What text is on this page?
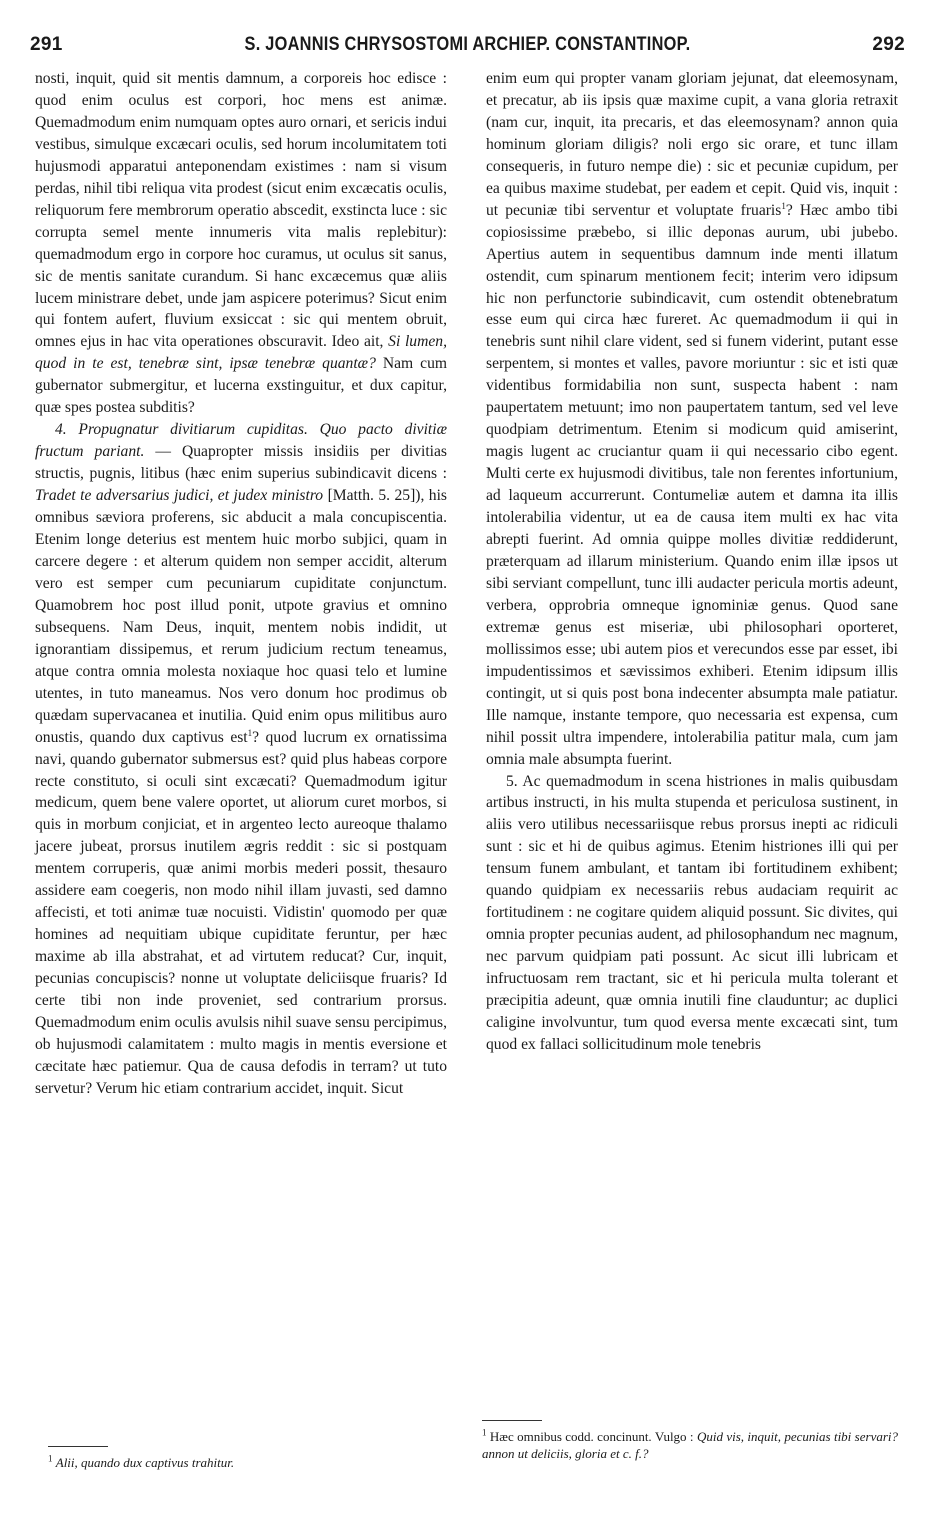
291	S. JOANNIS CHRYSOSTOMI ARCHIEP. CONSTANTINOP.	292

nosti, inquit, quid sit mentis damnum, a corporeis hoc edisce : quod enim oculus est corpori, hoc mens est animæ. Quemadmodum enim numquam optes auro ornari, et sericis indui vestibus, simulque excæcari oculis, sed horum incolumitatem toti hujusmodi apparatui anteponendam existimes : nam si visum perdas, nihil tibi reliqua vita prodest (sicut enim excæcatis oculis, reliquorum fere membrorum operatio abscedit, exstincta luce : sic corrupta semel mente innumeris vita malis replebitur): quemadmodum ergo in corpore hoc curamus, ut oculus sit sanus, sic de mentis sanitate curandum. Si hanc excæcemus quæ aliis lucem ministrare debet, unde jam aspicere poterimus? Sicut enim qui fontem aufert, fluvium exsiccat : sic qui mentem obruit, omnes ejus in hac vita operationes obscuravit. Ideo ait, Si lumen, quod in te est, tenebræ sint, ipsæ tenebræ quantæ? Nam cum gubernator submergitur, et lucerna exstinguitur, et dux capitur, quæ spes postea subditis?

4. Propugnatur divitiarum cupiditas. Quo pacto divitiæ fructum pariant. — Quapropter missis insidiis per divitias structis, pugnis, litibus (hæc enim superius subindicavit dicens : Tradet te adversarius judici, et judex ministro [Matth. 5. 25]), his omnibus sæviora proferens, sic abducit a mala concupiscentia. Etenim longe deterius est mentem huic morbo subjici, quam in carcere degere : et alterum quidem non semper accidit, alterum vero est semper cum pecuniarum cupiditate conjunctum. Quamobrem hoc post illud ponit, utpote gravius et omnino subsequens. Nam Deus, inquit, mentem nobis indidit, ut ignorantiam dissipemus, et rerum judicium rectum teneamus, atque contra omnia molesta noxiaque hoc quasi telo et lumine utentes, in tuto maneamus. Nos vero donum hoc prodimus ob quædam supervacanea et inutilia. Quid enim opus militibus auro onustis, quando dux captivus est$^1$? quod lucrum ex ornatissima navi, quando gubernator submersus est? quid plus habeas corpore recte constituto, si oculi sint excæcati? Quemadmodum igitur medicum, quem bene valere oportet, ut aliorum curet morbos, si quis in morbum conjiciat, et in argenteo lecto aureoque thalamo jacere jubeat, prorsus inutilem ægris reddit : sic si postquam mentem corruperis, quæ animi morbis mederi possit, thesauro assidere eam coegeris, non modo nihil illam juvasti, sed damno affecisti, et toti animæ tuæ nocuisti. Vidistin' quomodo per quæ homines ad nequitiam ubique cupiditate feruntur, per hæc maxime ab illa abstrahat, et ad virtutem reducat? Cur, inquit, pecunias concupiscis? nonne ut voluptate deliciisque fruaris? Id certe tibi non inde proveniet, sed contrarium prorsus. Quemadmodum enim oculis avulsis nihil suave sensu percipimus, ob hujusmodi calamitatem : multo magis in mentis eversione et cæcitate hæc patiemur. Qua de causa defodis in terram? ut tuto servetur? Verum hic etiam contrarium accidet, inquit. Sicut

enim eum qui propter vanam gloriam jejunat, dat eleemosynam, et precatur, ab iis ipsis quæ maxime cupit, a vana gloria retraxit (nam cur, inquit, ita precaris, et das eleemosynam? annon quia hominum gloriam diligis? noli ergo sic orare, et tunc illam consequeris, in futuro nempe die) : sic et pecuniæ cupidum, per ea quibus maxime studebat, per eadem et cepit. Quid vis, inquit : ut pecuniæ tibi serventur et voluptate fruaris$^1$? Hæc ambo tibi copiosissime præbebo, si illic deponas aurum, ubi jubebo. Apertius autem in sequentibus damnum inde menti illatum ostendit, cum spinarum mentionem fecit; interim vero idipsum hic non perfunctorie subindicavit, cum ostendit obtenebratum esse eum qui circa hæc fureret. Ac quemadmodum ii qui in tenebris sunt nihil clare vident, sed si funem viderint, putant esse serpentem, si montes et valles, pavore moriuntur : sic et isti quæ videntibus formidabilia non sunt, suspecta habent : nam paupertatem metuunt; imo non paupertatem tantum, sed vel leve quodpiam detrimentum. Etenim si modicum quid amiserint, magis lugent ac cruciantur quam ii qui necessario cibo egent. Multi certe ex hujusmodi divitibus, tale non ferentes infortunium, ad laqueum accurrerunt. Contumeliæ autem et damna ita illis intolerabilia videntur, ut ea de causa item multi ex hac vita abrepti fuerint. Ad omnia quippe molles divitiæ reddiderunt, præterquam ad illarum ministerium. Quando enim illæ ipsos ut sibi serviant compellunt, tunc illi audacter pericula mortis adeunt, verbera, opprobria omneque ignominiæ genus. Quod sane extremæ genus est miseriæ, ubi philosophari oporteret, mollissimos esse; ubi autem pios et verecundos esse par esset, ibi impudentissimos et sævissimos exhiberi. Etenim idipsum illis contingit, ut si quis post bona indecenter absumpta male patiatur. Ille namque, instante tempore, quo necessaria est expensa, cum nihil possit ultra impendere, intolerabilia patitur mala, cum jam omnia male absumpta fuerint.

5. Ac quemadmodum in scena histriones in malis quibusdam artibus instructi, in his multa stupenda et periculosa sustinent, in aliis vero utilibus necessariisque rebus prorsus inepti ac ridiculi sunt : sic et hi de quibus agimus. Etenim histriones illi qui per tensum funem ambulant, et tantam ibi fortitudinem exhibent; quando quidpiam ex necessariis rebus audaciam requirit ac fortitudinem : ne cogitare quidem aliquid possunt. Sic divites, qui omnia propter pecunias audent, ad philosophandum nec magnum, nec parvum quidpiam pati possunt. Ac sicut illi lubricam et infructuosam rem tractant, sic et hi pericula multa tolerant et præcipitia adeunt, quæ omnia inutili fine clauduntur; ac duplici caligine involvuntur, tum quod eversa mente excæcati sint, tum quod ex fallaci sollicitudinum mole tenebris

$^1$ Alii, quando dux captivus trahitur.
$^1$ Hæc omnibus codd. concinunt. Vulgo : Quid vis, inquit, pecunias tibi servari? annon ut deliciis, gloria et c. f.?
